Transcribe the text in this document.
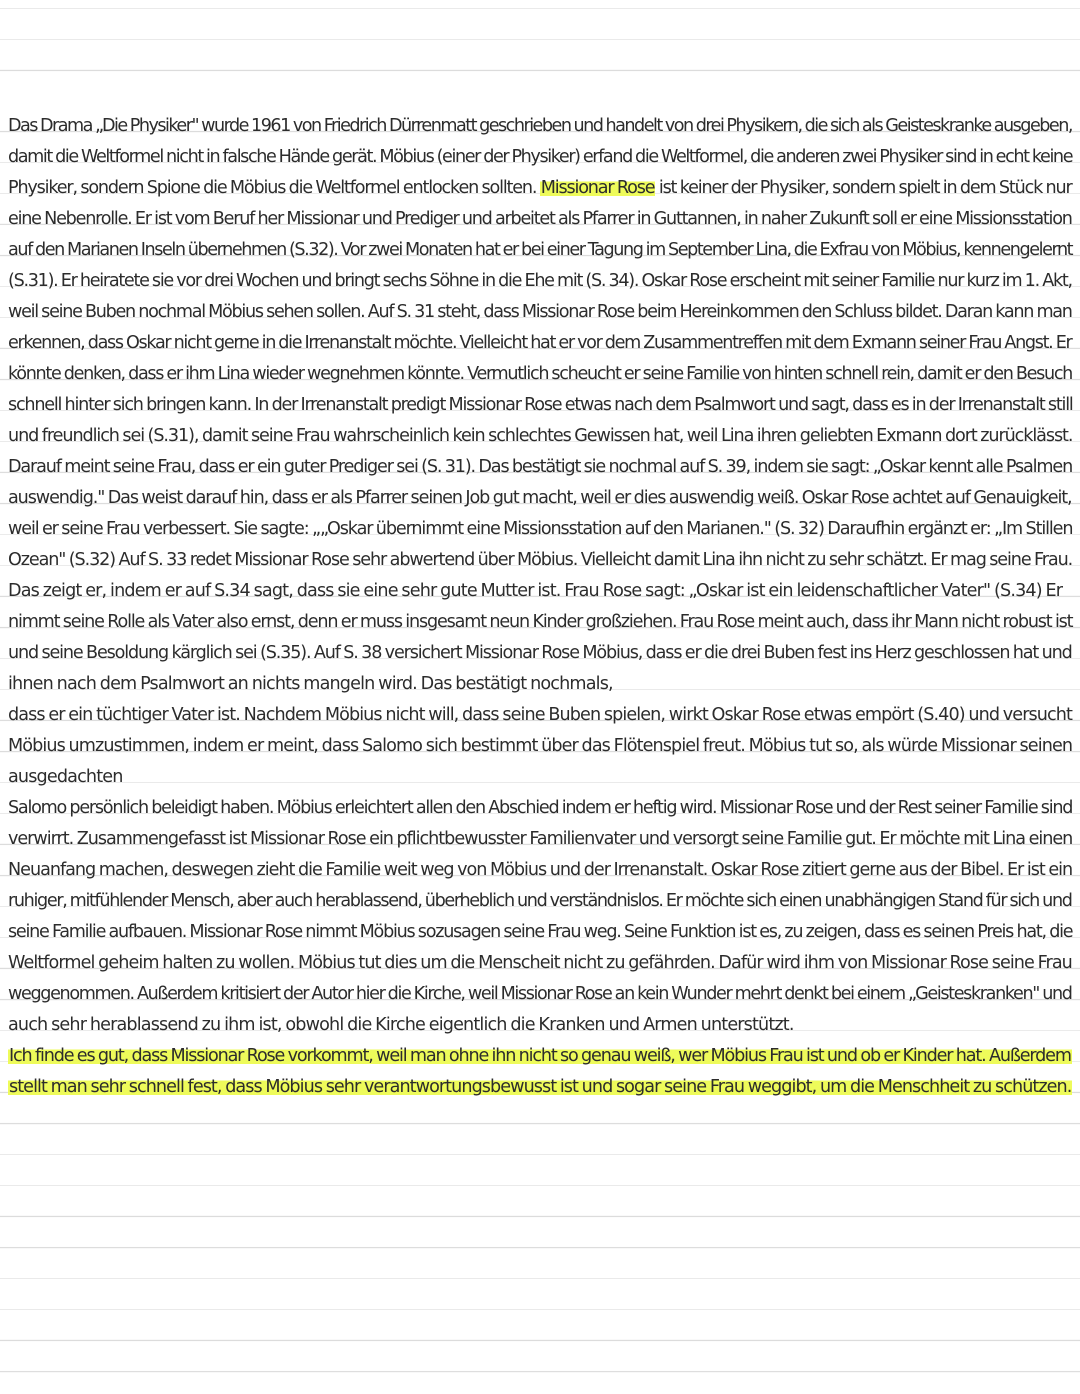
Das Drama „Die Physiker" wurde 1961 von Friedrich Dürrenmatt geschrieben und handelt von drei Physikern, die sich als Geisteskranke ausgeben,
damit die Weltformel nicht in falsche Hände gerät. Möbius (einer der Physiker) erfand die Weltformel, die anderen zwei Physiker sind in echt keine
Physiker, sondern Spione die Möbius die Weltformel entlocken sollten. Missionar Rose ist keiner der Physiker, sondern spielt in dem Stück nur
eine Nebenrolle. Er ist vom Beruf her Missionar und Prediger und arbeitet als Pfarrer in Guttannen, in naher Zukunft soll er eine Missionsstation
auf den Marianen Inseln übernehmen (S.32). Vor zwei Monaten hat er bei einer Tagung im September Lina, die Exfrau von Möbius, kennengelernt
(S.31). Er heiratete sie vor drei Wochen und bringt sechs Söhne in die Ehe mit (S. 34). Oskar Rose erscheint mit seiner Familie nur kurz im 1. Akt,
weil seine Buben nochmal Möbius sehen sollen. Auf S. 31 steht, dass Missionar Rose beim Hereinkommen den Schluss bildet. Daran kann man
erkennen, dass Oskar nicht gerne in die Irrenanstalt möchte. Vielleicht hat er vor dem Zusammentreffen mit dem Exmann seiner Frau Angst. Er
könnte denken, dass er ihm Lina wieder wegnehmen könnte. Vermutlich scheucht er seine Familie von hinten schnell rein, damit er den Besuch
schnell hinter sich bringen kann. In der Irrenanstalt predigt Missionar Rose etwas nach dem Psalmwort und sagt, dass es in der Irrenanstalt still
und freundlich sei (S.31), damit seine Frau wahrscheinlich kein schlechtes Gewissen hat, weil Lina ihren geliebten Exmann dort zurücklässt.
Darauf meint seine Frau, dass er ein guter Prediger sei (S. 31). Das bestätigt sie nochmal auf S. 39, indem sie sagt: „Oskar kennt alle Psalmen
auswendig." Das weist darauf hin, dass er als Pfarrer seinen Job gut macht, weil er dies auswendig weiß. Oskar Rose achtet auf Genauigkeit,
weil er seine Frau verbessert. Sie sagte: „„Oskar übernimmt eine Missionsstation auf den Marianen." (S. 32) Daraufhin ergänzt er: „Im Stillen
Ozean" (S.32) Auf S. 33 redet Missionar Rose sehr abwertend über Möbius. Vielleicht damit Lina ihn nicht zu sehr schätzt. Er mag seine Frau.
Das zeigt er, indem er auf S.34 sagt, dass sie eine sehr gute Mutter ist. Frau Rose sagt: „Oskar ist ein leidenschaftlicher Vater" (S.34) Er
nimmt seine Rolle als Vater also ernst, denn er muss insgesamt neun Kinder großziehen. Frau Rose meint auch, dass ihr Mann nicht robust ist
und seine Besoldung kärglich sei (S.35). Auf S. 38 versichert Missionar Rose Möbius, dass er die drei Buben fest ins Herz geschlossen hat und
ihnen nach dem Psalmwort an nichts mangeln wird. Das bestätigt nochmals,
dass er ein tüchtiger Vater ist. Nachdem Möbius nicht will, dass seine Buben spielen, wirkt Oskar Rose etwas empört (S.40) und versucht
Möbius umzustimmen, indem er meint, dass Salomo sich bestimmt über das Flötenspiel freut. Möbius tut so, als würde Missionar seinen
ausgedachten
Salomo persönlich beleidigt haben. Möbius erleichtert allen den Abschied indem er heftig wird. Missionar Rose und der Rest seiner Familie sind
verwirrt. Zusammengefasst ist Missionar Rose ein pflichtbewusster Familienvater und versorgt seine Familie gut. Er möchte mit Lina einen
Neuanfang machen, deswegen zieht die Familie weit weg von Möbius und der Irrenanstalt. Oskar Rose zitiert gerne aus der Bibel. Er ist ein
ruhiger, mitfühlender Mensch, aber auch herablassend, überheblich und verständnislos. Er möchte sich einen unabhängigen Stand für sich und
seine Familie aufbauen. Missionar Rose nimmt Möbius sozusagen seine Frau weg. Seine Funktion ist es, zu zeigen, dass es seinen Preis hat, die
Weltformel geheim halten zu wollen. Möbius tut dies um die Menscheit nicht zu gefährden. Dafür wird ihm von Missionar Rose seine Frau
weggenommen. Außerdem kritisiert der Autor hier die Kirche, weil Missionar Rose an kein Wunder mehrt denkt bei einem „Geisteskranken" und
auch sehr herablassend zu ihm ist, obwohl die Kirche eigentlich die Kranken und Armen unterstützt.
Ich finde es gut, dass Missionar Rose vorkommt, weil man ohne ihn nicht so genau weiß, wer Möbius Frau ist und ob er Kinder hat. Außerdem
stellt man sehr schnell fest, dass Möbius sehr verantwortungsbewusst ist und sogar seine Frau weggibt, um die Menschheit zu schützen.
